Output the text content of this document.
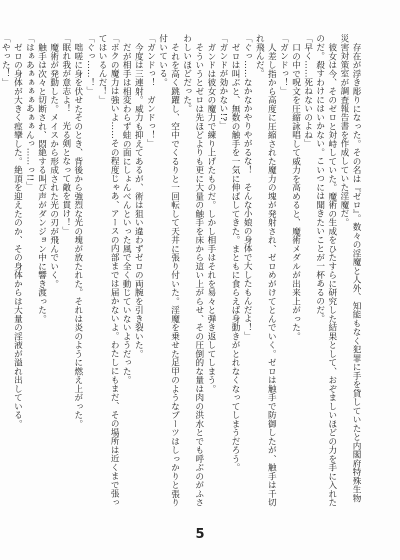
存在が浮き彫りになった。その名は『ゼロ』。数々の淫魔と人外、知能もなく犯罪に手を貸していたと内閣府特殊生物災害対策室が調査報告書を作成していた淫魔だ。

彼女は今、そのゼロと対峙していた。魔術の生成をひたすらに研究した結果として、おぞましいほどの力を手に入れたのだ。殺すわけにはいかない。こいつには聞きたいことが一杯あるのだ。

「早く……死ねないのよね」

口の中で呪文を圧縮詠唱して威力を高めると、魔術メダルが出来上がった。

「ガンドっ！」

人差し指から高度に圧縮された魔力の塊が発射され、ゼロめがけてとんでいく。ゼロは触手で防御したが、触手は千切れ飛んだ。

「ぐっ……なかなかやりやがるな！　そんな小娘の身体で大したもんだよ！」

ゼロは叫ぶと、無数の触手を一気に伸ばしてきた。まともに食らえば身動きがとれなくなってしまうだろう。

「ガンドが効かない!?」

ガンドは彼女の魔力で練り上げたものだ。しかし相手はそれを易々と弾き返してしまう。

そういうとゼロは先ほどよりも更に大量の触手を床から這い上がらせ、その圧倒的な量は肉の洪水とでも呼ぶのがふさわしいほどだった。

それを高く跳躍し、空中でくるりと一回転して天井に張り付いた。淫魔を乗せた足甲のようなブーツはしっかりと張り付いている。

「ガンドっ！　ガンドっ！」

今度は三連射。威力も抑えてあるが、術は狙い違わずゼロの両腕を引き裂いた。

だが相手は相変わらず蛙の面にしょんべんといった風で全く動じていないようだった。

「ボクの魔力は強いよ……その程度じゃあ、アースの内部までは届かないよ。わたしにもまだ、その場所は近くまで張ってはいるんだ！」

「ぐっ……！」

咄嗟に身を伏せたそのとき、背後から強烈な光の塊が放たれた。それは炎のように燃え上がった。

「眠れ我が意志よ！　光る剣となって敵を貫け！」

魔術が発動した。メイスから形成された光の刃が飛んでいく。

触手は次々と切断され、悶絶する叫び声がダンジョン中に響き渡った。

「はぁあぁぁぁぁあぁぁんっ……っ!!」

ゼロの身体が大きく痙攣した。絶頂を迎えたのか、その身体からは大量の淫液が溢れ出している。

「やった！」

5
